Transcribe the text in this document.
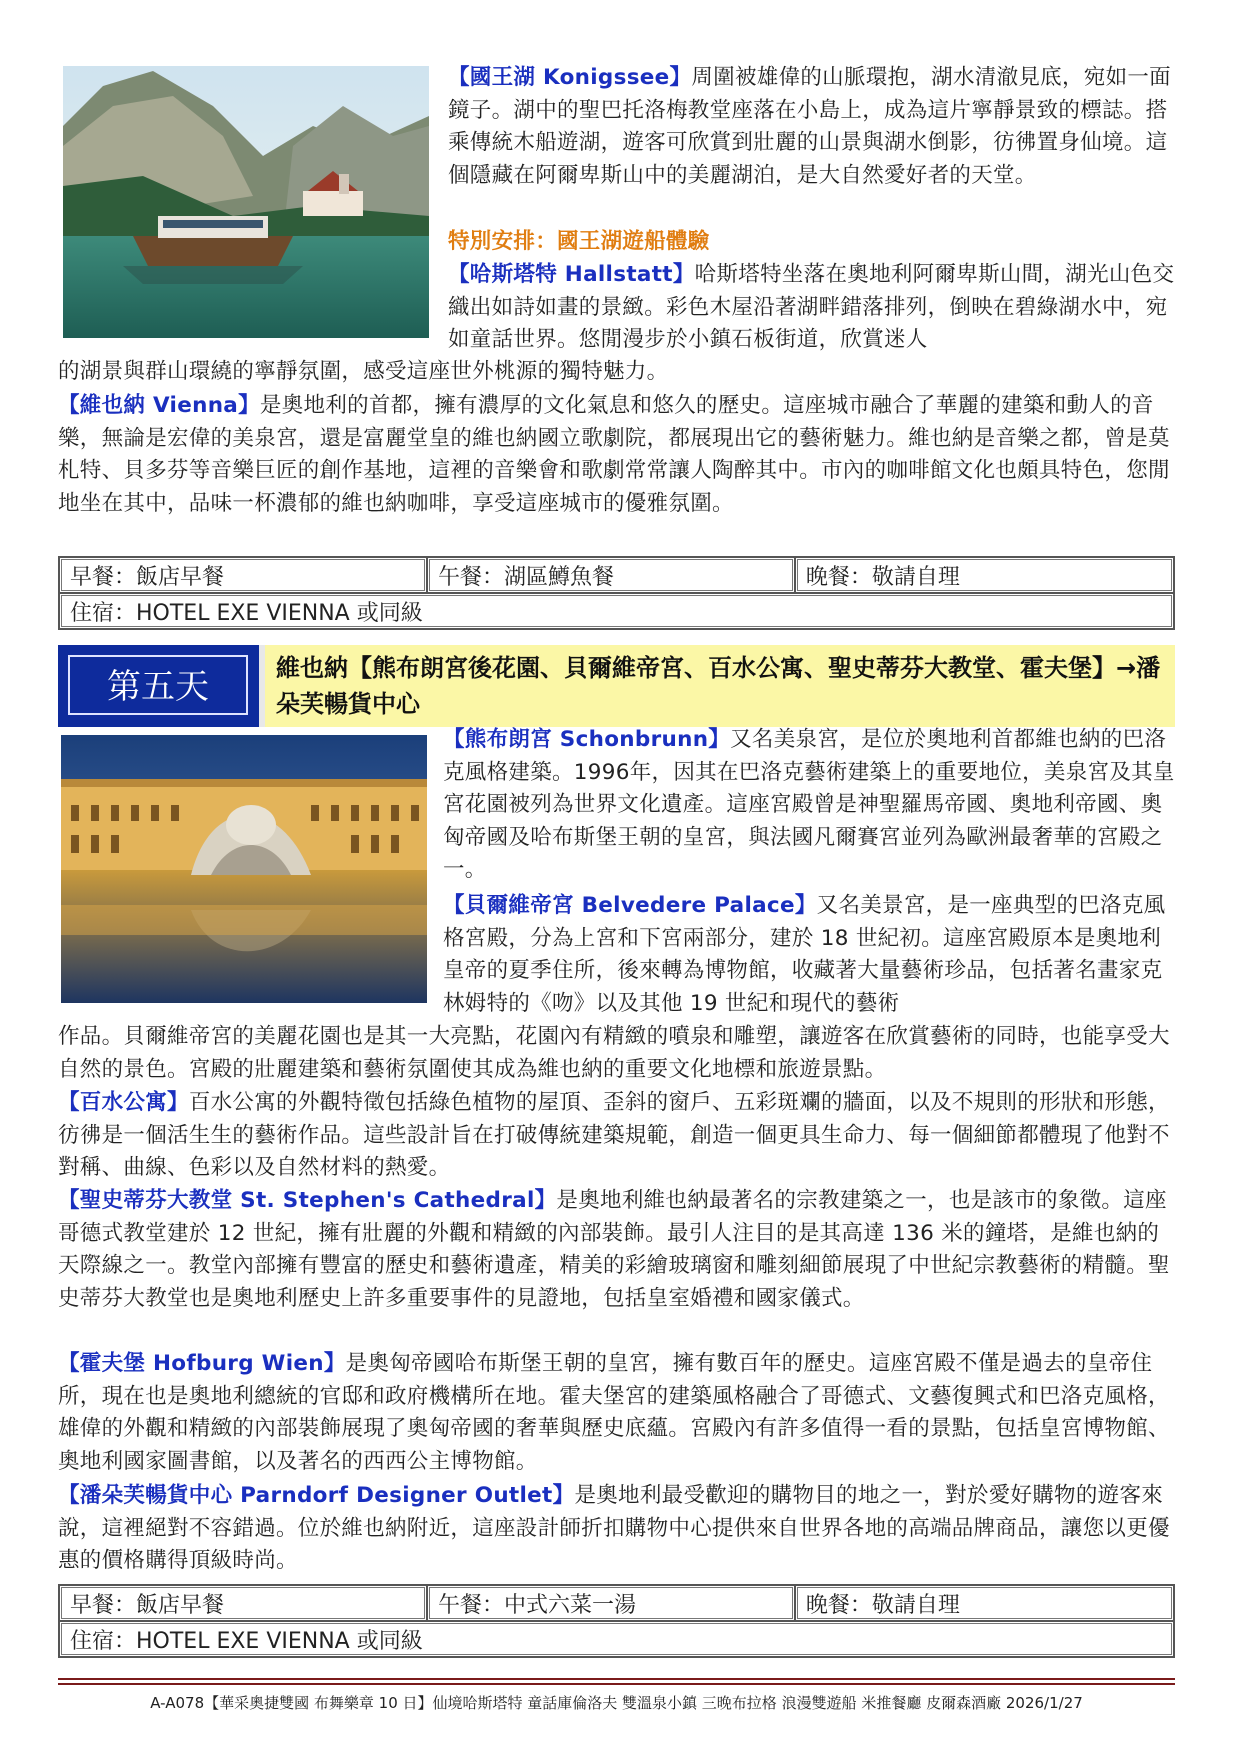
【國王湖 Konigssee】周圍被雄偉的山脈環抱，湖水清澈見底，宛如一面鏡子。湖中的聖巴托洛梅教堂座落在小島上，成為這片寧靜景致的標誌。搭乘傳統木船遊湖，遊客可欣賞到壯麗的山景與湖水倒影，彷彿置身仙境。這個隱藏在阿爾卑斯山中的美麗湖泊，是大自然愛好者的天堂。
特別安排：國王湖遊船體驗
【哈斯塔特 Hallstatt】哈斯塔特坐落在奧地利阿爾卑斯山間，湖光山色交織出如詩如畫的景緻。彩色木屋沿著湖畔錯落排列，倒映在碧綠湖水中，宛如童話世界。悠閒漫步於小鎮石板街道，欣賞迷人
的湖景與群山環繞的寧靜氛圍，感受這座世外桃源的獨特魅力。
【維也納 Vienna】是奧地利的首都，擁有濃厚的文化氣息和悠久的歷史。這座城市融合了華麗的建築和動人的音樂，無論是宏偉的美泉宮，還是富麗堂皇的維也納國立歌劇院，都展現出它的藝術魅力。維也納是音樂之都，曾是莫札特、貝多芬等音樂巨匠的創作基地，這裡的音樂會和歌劇常常讓人陶醉其中。市內的咖啡館文化也頗具特色，您閒地坐在其中，品味一杯濃郁的維也納咖啡，享受這座城市的優雅氛圍。
早餐：飯店早餐	午餐：湖區鱒魚餐	晚餐：敬請自理
住宿：HOTEL EXE VIENNA 或同級
第五天	維也納【熊布朗宮後花園、貝爾維帝宮、百水公寓、聖史蒂芬大教堂、霍夫堡】→潘朵芙暢貨中心
【熊布朗宮 Schonbrunn】又名美泉宮，是位於奧地利首都維也納的巴洛克風格建築。1996年，因其在巴洛克藝術建築上的重要地位，美泉宮及其皇宮花園被列為世界文化遺產。這座宮殿曾是神聖羅馬帝國、奧地利帝國、奧匈帝國及哈布斯堡王朝的皇宮，與法國凡爾賽宮並列為歐洲最奢華的宮殿之一。
【貝爾維帝宮 Belvedere Palace】又名美景宮，是一座典型的巴洛克風格宮殿，分為上宮和下宮兩部分，建於 18 世紀初。這座宮殿原本是奧地利皇帝的夏季住所，後來轉為博物館，收藏著大量藝術珍品，包括著名畫家克林姆特的《吻》以及其他 19 世紀和現代的藝術
作品。貝爾維帝宮的美麗花園也是其一大亮點，花園內有精緻的噴泉和雕塑，讓遊客在欣賞藝術的同時，也能享受大自然的景色。宮殿的壯麗建築和藝術氛圍使其成為維也納的重要文化地標和旅遊景點。
【百水公寓】百水公寓的外觀特徵包括綠色植物的屋頂、歪斜的窗戶、五彩斑斕的牆面，以及不規則的形狀和形態，彷彿是一個活生生的藝術作品。這些設計旨在打破傳統建築規範，創造一個更具生命力、每一個細節都體現了他對不對稱、曲線、色彩以及自然材料的熱愛。
【聖史蒂芬大教堂 St. Stephen's Cathedral】是奧地利維也納最著名的宗教建築之一，也是該市的象徵。這座哥德式教堂建於 12 世紀，擁有壯麗的外觀和精緻的內部裝飾。最引人注目的是其高達 136 米的鐘塔，是維也納的天際線之一。教堂內部擁有豐富的歷史和藝術遺產，精美的彩繪玻璃窗和雕刻細節展現了中世紀宗教藝術的精髓。聖史蒂芬大教堂也是奧地利歷史上許多重要事件的見證地，包括皇室婚禮和國家儀式。
【霍夫堡 Hofburg Wien】是奧匈帝國哈布斯堡王朝的皇宮，擁有數百年的歷史。這座宮殿不僅是過去的皇帝住所，現在也是奧地利總統的官邸和政府機構所在地。霍夫堡宮的建築風格融合了哥德式、文藝復興式和巴洛克風格，雄偉的外觀和精緻的內部裝飾展現了奧匈帝國的奢華與歷史底蘊。宮殿內有許多值得一看的景點，包括皇宮博物館、奧地利國家圖書館，以及著名的西西公主博物館。
【潘朵芙暢貨中心 Parndorf Designer Outlet】是奧地利最受歡迎的購物目的地之一，對於愛好購物的遊客來說，這裡絕對不容錯過。位於維也納附近，這座設計師折扣購物中心提供來自世界各地的高端品牌商品，讓您以更優惠的價格購得頂級時尚。
早餐：飯店早餐	午餐：中式六菜一湯	晚餐：敬請自理
住宿：HOTEL EXE VIENNA 或同級
A-A078【華采奧捷雙國 布舞樂章 10 日】仙境哈斯塔特 童話庫倫洛夫 雙溫泉小鎮 三晚布拉格 浪漫雙遊船 米推餐廳 皮爾森酒廠 2026/1/27
